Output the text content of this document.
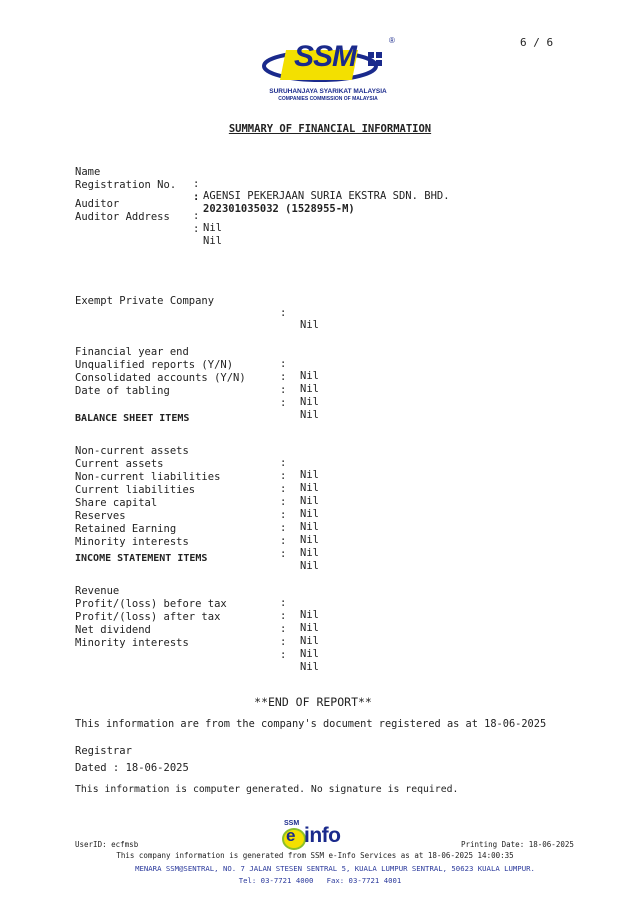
6 / 6
SSM	®
SURUHANJAYA SYARIKAT MALAYSIA
COMPANIES COMMISSION OF MALAYSIA
SUMMARY OF FINANCIAL INFORMATION

Name

:

AGENSI PEKERJAAN SURIA EKSTRA SDN. BHD.

Registration No.

:

202301035032 (1528955-M)

Auditor

:

Nil

Auditor Address

:

Nil

Exempt Private Company

:

Nil

Financial year end

:

Nil

Unqualified reports (Y/N)

:

Nil

Consolidated accounts (Y/N)

:

Nil

Date of tabling

:

Nil

BALANCE SHEET ITEMS

Non-current assets

:

Nil

Current assets

:

Nil

Non-current liabilities

:

Nil

Current liabilities

:

Nil

Share capital

:

Nil

Reserves

:

Nil

Retained Earning

:

Nil

Minority interests

:

Nil

INCOME STATEMENT ITEMS

Revenue

:

Nil

Profit/(loss) before tax

:

Nil

Profit/(loss) after tax

:

Nil

Net dividend

:

Nil

Minority interests

:

Nil

**END OF REPORT**
This information are from the company's document registered as at 18-06-2025
Registrar
Dated : 18-06-2025
This information is computer generated. No signature is required.
SSM
e info
UserID: ecfmsb	Printing Date: 18-06-2025
This company information is generated from SSM e-Info Services as at 18-06-2025 14:00:35
MENARA SSM@SENTRAL, NO. 7 JALAN STESEN SENTRAL 5, KUALA LUMPUR SENTRAL, 50623 KUALA LUMPUR.
Tel: 03-7721 4000   Fax: 03-7721 4001
